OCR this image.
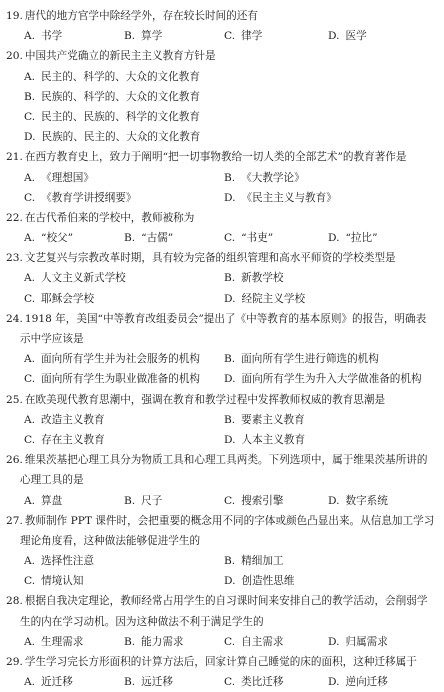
19. 唐代的地方官学中除经学外，存在较长时间的还有
A. 书学	B. 算学	C. 律学	D. 医学
20. 中国共产党确立的新民主主义教育方针是
A. 民主的、科学的、大众的文化教育
B. 民族的、科学的、大众的文化教育
C. 民主的、民族的、科学的文化教育
D. 民族的、民主的、大众的文化教育
21. 在西方教育史上，致力于阐明“把一切事物教给一切人类的全部艺术”的教育著作是
A. 《理想国》	B. 《大教学论》
C. 《教育学讲授纲要》	D. 《民主主义与教育》
22. 在古代希伯来的学校中，教师被称为
A. “校父”	B. “古儒”	C. “书吏”	D. “拉比”
23. 文艺复兴与宗教改革时期，具有较为完备的组织管理和高水平师资的学校类型是
A. 人文主义新式学校	B. 新教学校
C. 耶稣会学校	D. 经院主义学校
24. 1918 年，美国“中等教育改组委员会”提出了《中等教育的基本原则》的报告，明确表
示中学应该是
A. 面向所有学生并为社会服务的机构	B. 面向所有学生进行筛选的机构
C. 面向所有学生为职业做准备的机构	D. 面向所有学生为升入大学做准备的机构
25. 在欧美现代教育思潮中，强调在教育和教学过程中发挥教师权威的教育思潮是
A. 改造主义教育	B. 要素主义教育
C. 存在主义教育	D. 人本主义教育
26. 维果茨基把心理工具分为物质工具和心理工具两类。下列选项中，属于维果茨基所讲的
心理工具的是
A. 算盘	B. 尺子	C. 搜索引擎	D. 数字系统
27. 教师制作 PPT 课件时，会把重要的概念用不同的字体或颜色凸显出来。从信息加工学习
理论角度看，这种做法能够促进学生的
A. 选择性注意	B. 精细加工
C. 情境认知	D. 创造性思维
28. 根据自我决定理论，教师经常占用学生的自习课时间来安排自己的教学活动，会削弱学
生的内在学习动机。因为这种做法不利于满足学生的
A. 生理需求	B. 能力需求	C. 自主需求	D. 归属需求
29. 学生学习完长方形面积的计算方法后，回家计算自己睡觉的床的面积，这种迁移属于
A. 近迁移	B. 远迁移	C. 类比迁移	D. 逆向迁移
